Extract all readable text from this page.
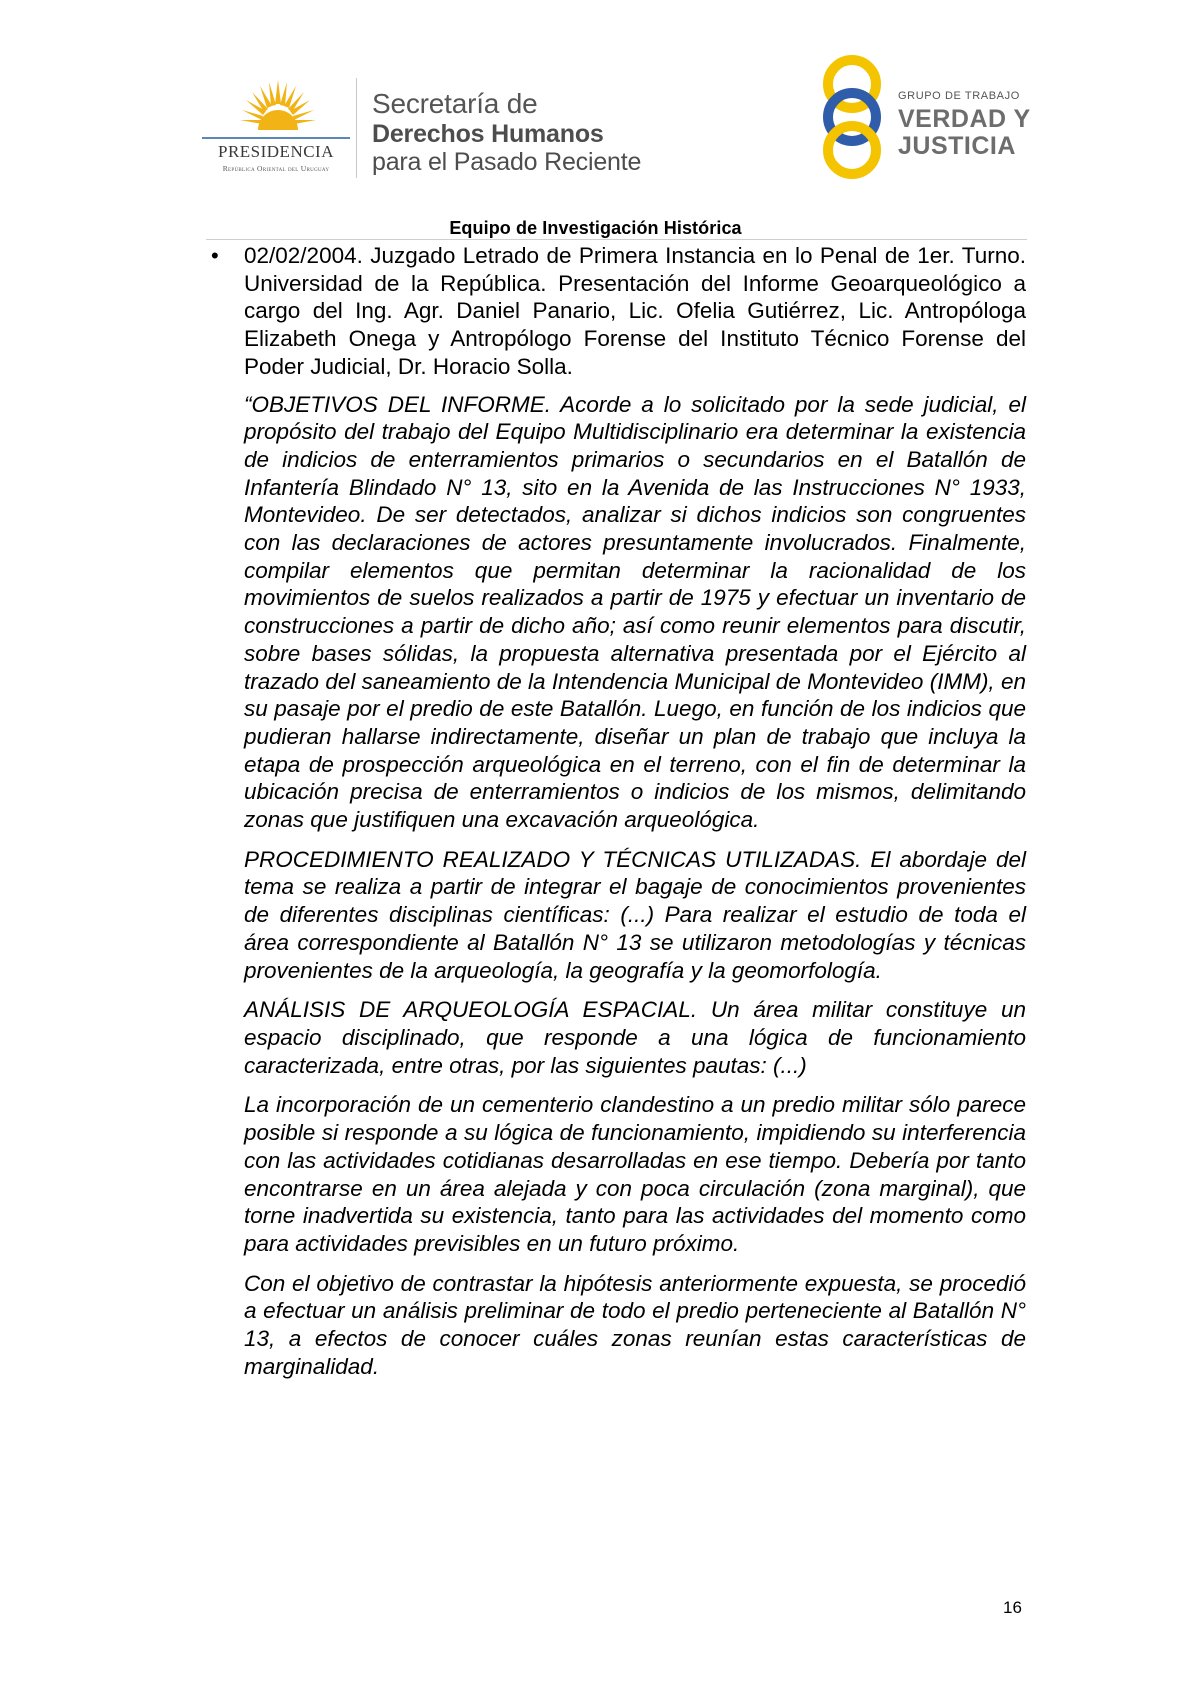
PRESIDENCIA
República Oriental del Uruguay
Secretaría de
Derechos Humanos
para el Pasado Reciente
GRUPO DE TRABAJO
VERDAD Y
JUSTICIA
Equipo de Investigación Histórica
• 02/02/2004. Juzgado Letrado de Primera Instancia en lo Penal de 1er. Turno. Universidad de la República. Presentación del Informe Geoarqueológico a cargo del Ing. Agr. Daniel Panario, Lic. Ofelia Gutiérrez, Lic. Antropóloga Elizabeth Onega y Antropólogo Forense del Instituto Técnico Forense del Poder Judicial, Dr. Horacio Solla.

“OBJETIVOS DEL INFORME. Acorde a lo solicitado por la sede judicial, el propósito del trabajo del Equipo Multidisciplinario era determinar la existencia de indicios de enterramientos primarios o secundarios en el Batallón de Infantería Blindado N° 13, sito en la Avenida de las Instrucciones N° 1933, Montevideo. De ser detectados, analizar si dichos indicios son congruentes con las declaraciones de actores presuntamente involucrados. Finalmente, compilar elementos que permitan determinar la racionalidad de los movimientos de suelos realizados a partir de 1975 y efectuar un inventario de construcciones a partir de dicho año; así como reunir elementos para discutir, sobre bases sólidas, la propuesta alternativa presentada por el Ejército al trazado del saneamiento de la Intendencia Municipal de Montevideo (IMM), en su pasaje por el predio de este Batallón. Luego, en función de los indicios que pudieran hallarse indirectamente, diseñar un plan de trabajo que incluya la etapa de prospección arqueológica en el terreno, con el fin de determinar la ubicación precisa de enterramientos o indicios de los mismos, delimitando zonas que justifiquen una excavación arqueológica.

PROCEDIMIENTO REALIZADO Y TÉCNICAS UTILIZADAS. El abordaje del tema se realiza a partir de integrar el bagaje de conocimientos provenientes de diferentes disciplinas científicas: (...) Para realizar el estudio de toda el área correspondiente al Batallón N° 13 se utilizaron metodologías y técnicas provenientes de la arqueología, la geografía y la geomorfología.

ANÁLISIS DE ARQUEOLOGÍA ESPACIAL. Un área militar constituye un espacio disciplinado, que responde a una lógica de funcionamiento caracterizada, entre otras, por las siguientes pautas: (...)

La incorporación de un cementerio clandestino a un predio militar sólo parece posible si responde a su lógica de funcionamiento, impidiendo su interferencia con las actividades cotidianas desarrolladas en ese tiempo. Debería por tanto encontrarse en un área alejada y con poca circulación (zona marginal), que torne inadvertida su existencia, tanto para las actividades del momento como para actividades previsibles en un futuro próximo.

Con el objetivo de contrastar la hipótesis anteriormente expuesta, se procedió a efectuar un análisis preliminar de todo el predio perteneciente al Batallón N° 13, a efectos de conocer cuáles zonas reunían estas características de marginalidad.

16
